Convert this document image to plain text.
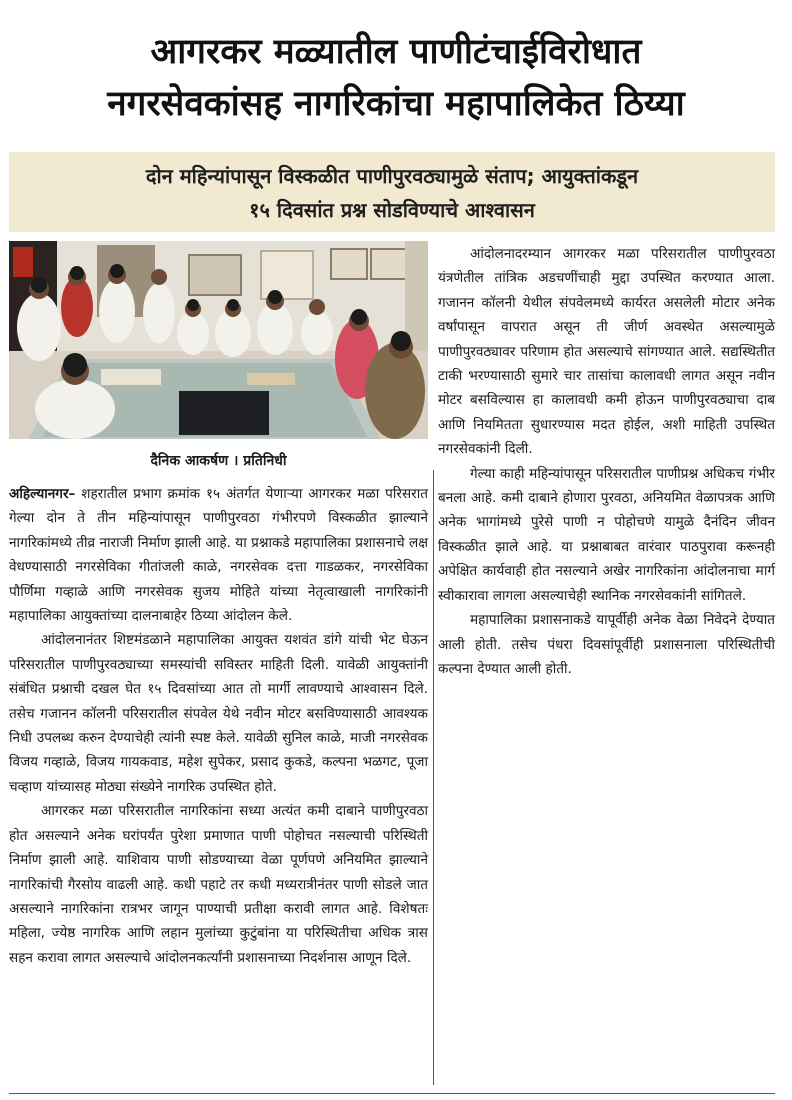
आगरकर मळ्यातील पाणीटंचाईविरोधात
नगरसेवकांसह नागरिकांचा महापालिकेत ठिय्या
दोन महिन्यांपासून विस्कळीत पाणीपुरवठ्यामुळे संताप; आयुक्तांकडून
१५ दिवसांत प्रश्न सोडविण्याचे आश्वासन
दैनिक आकर्षण । प्रतिनिधी

अहिल्यानगर– शहरातील प्रभाग क्रमांक १५ अंतर्गत येणाऱ्या आगरकर मळा परिसरात गेल्या दोन ते तीन महिन्यांपासून पाणीपुरवठा गंभीरपणे विस्कळीत झाल्याने नागरिकांमध्ये तीव्र नाराजी निर्माण झाली आहे. या प्रश्नाकडे महापालिका प्रशासनाचे लक्ष वेधण्यासाठी नगरसेविका गीतांजली काळे, नगरसेवक दत्ता गाडळकर, नगरसेविका पौर्णिमा गव्हाळे आणि नगरसेवक सुजय मोहिते यांच्या नेतृत्वाखाली नागरिकांनी महापालिका आयुक्तांच्या दालनाबाहेर ठिय्या आंदोलन केले.

आंदोलनानंतर शिष्टमंडळाने महापालिका आयुक्त यशवंत डांगे यांची भेट घेऊन परिसरातील पाणीपुरवठ्याच्या समस्यांची सविस्तर माहिती दिली. यावेळी आयुक्तांनी संबंधित प्रश्नाची दखल घेत १५ दिवसांच्या आत तो मार्गी लावण्याचे आश्वासन दिले. तसेच गजानन कॉलनी परिसरातील संपवेल येथे नवीन मोटर बसविण्यासाठी आवश्यक निधी उपलब्ध करुन देण्याचेही त्यांनी स्पष्ट केले. यावेळी सुनिल काळे, माजी नगरसेवक विजय गव्हाळे, विजय गायकवाड, महेश सुपेकर, प्रसाद कुकडे, कल्पना भळगट, पूजा चव्हाण यांच्यासह मोठ्या संख्येने नागरिक उपस्थित होते.

आगरकर मळा परिसरातील नागरिकांना सध्या अत्यंत कमी दाबाने पाणीपुरवठा होत असल्याने अनेक घरांपर्यंत पुरेशा प्रमाणात पाणी पोहोचत नसल्याची परिस्थिती निर्माण झाली आहे. याशिवाय पाणी सोडण्याच्या वेळा पूर्णपणे अनियमित झाल्याने नागरिकांची गैरसोय वाढली आहे. कधी पहाटे तर कधी मध्यरात्रीनंतर पाणी सोडले जात असल्याने नागरिकांना रात्रभर जागून पाण्याची प्रतीक्षा करावी लागत आहे. विशेषतः महिला, ज्येष्ठ नागरिक आणि लहान मुलांच्या कुटुंबांना या परिस्थितीचा अधिक त्रास सहन करावा लागत असल्याचे आंदोलनकर्त्यांनी प्रशासनाच्या निदर्शनास आणून दिले.

आंदोलनादरम्यान आगरकर मळा परिसरातील पाणीपुरवठा यंत्रणेतील तांत्रिक अडचणींचाही मुद्दा उपस्थित करण्यात आला. गजानन कॉलनी येथील संपवेलमध्ये कार्यरत असलेली मोटार अनेक वर्षांपासून वापरात असून ती जीर्ण अवस्थेत असल्यामुळे पाणीपुरवठ्यावर परिणाम होत असल्याचे सांगण्यात आले. सद्यस्थितीत टाकी भरण्यासाठी सुमारे चार तासांचा कालावधी लागत असून नवीन मोटर बसविल्यास हा कालावधी कमी होऊन पाणीपुरवठ्याचा दाब आणि नियमितता सुधारण्यास मदत होईल, अशी माहिती उपस्थित नगरसेवकांनी दिली.

गेल्या काही महिन्यांपासून परिसरातील पाणीप्रश्न अधिकच गंभीर बनला आहे. कमी दाबाने होणारा पुरवठा, अनियमित वेळापत्रक आणि अनेक भागांमध्ये पुरेसे पाणी न पोहोचणे यामुळे दैनंदिन जीवन विस्कळीत झाले आहे. या प्रश्नाबाबत वारंवार पाठपुरावा करूनही अपेक्षित कार्यवाही होत नसल्याने अखेर नागरिकांना आंदोलनाचा मार्ग स्वीकारावा लागला असल्याचेही स्थानिक नगरसेवकांनी सांगितले.

महापालिका प्रशासनाकडे यापूर्वीही अनेक वेळा निवेदने देण्यात आली होती. तसेच पंधरा दिवसांपूर्वीही प्रशासनाला परिस्थितीची कल्पना देण्यात आली होती.
